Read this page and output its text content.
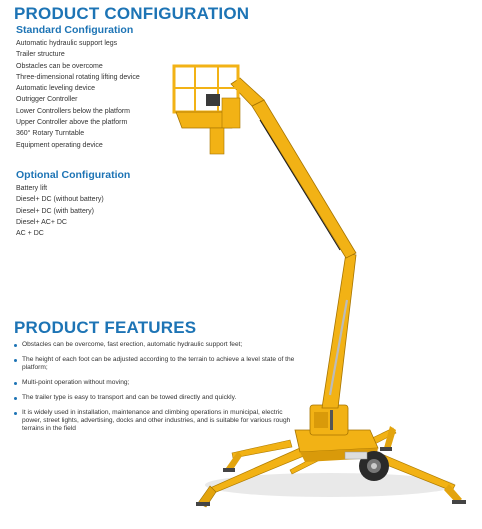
PRODUCT CONFIGURATION
Standard Configuration
Automatic hydraulic support legs
Trailer structure
Obstacles can be overcome
Three-dimensional rotating lifting device
Automatic leveling device
Outrigger Controller
Lower Controllers below the platform
Upper Controller above the platform
360° Rotary Turntable
Equipment operating device
Optional Configuration
Battery lift
Diesel+ DC (without battery)
Diesel+ DC (with battery)
Diesel+ AC+ DC
AC + DC
PRODUCT FEATURES
Obstacles can be overcome, fast erection, automatic hydraulic support feet;
The height of each foot can be adjusted according to the terrain to achieve a level state of the platform;
Multi-point operation without moving;
The trailer type is easy to transport and can be towed directly and quickly.
It is widely used in installation, maintenance and climbing operations in municipal, electric power, street lights, advertising, docks and other industries, and is suitable for various rough terrains in the field
